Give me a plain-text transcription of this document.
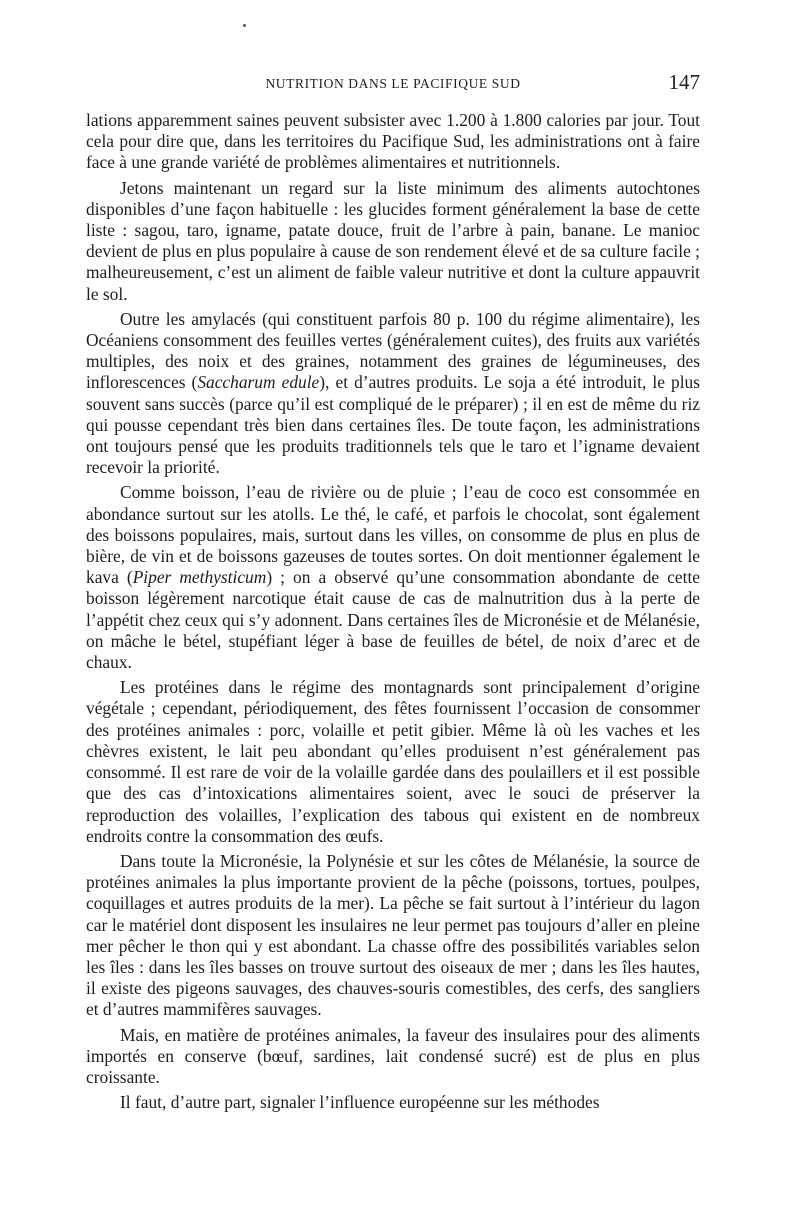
NUTRITION DANS LE PACIFIQUE SUD	147

lations apparemment saines peuvent subsister avec 1.200 à 1.800 calories par jour. Tout cela pour dire que, dans les territoires du Pacifique Sud, les administrations ont à faire face à une grande variété de problèmes alimentaires et nutritionnels.

Jetons maintenant un regard sur la liste minimum des aliments autochtones disponibles d’une façon habituelle : les glucides forment généralement la base de cette liste : sagou, taro, igname, patate douce, fruit de l’arbre à pain, banane. Le manioc devient de plus en plus populaire à cause de son rendement élevé et de sa culture facile ; malheureusement, c’est un aliment de faible valeur nutritive et dont la culture appauvrit le sol.

Outre les amylacés (qui constituent parfois 80 p. 100 du régime alimentaire), les Océaniens consomment des feuilles vertes (généralement cuites), des fruits aux variétés multiples, des noix et des graines, notamment des graines de légumineuses, des inflorescences (Saccharum edule), et d’autres produits. Le soja a été introduit, le plus souvent sans succès (parce qu’il est compliqué de le préparer) ; il en est de même du riz qui pousse cependant très bien dans certaines îles. De toute façon, les administrations ont toujours pensé que les produits traditionnels tels que le taro et l’igname devaient recevoir la priorité.

Comme boisson, l’eau de rivière ou de pluie ; l’eau de coco est consommée en abondance surtout sur les atolls. Le thé, le café, et parfois le chocolat, sont également des boissons populaires, mais, surtout dans les villes, on consomme de plus en plus de bière, de vin et de boissons gazeuses de toutes sortes. On doit mentionner également le kava (Piper methysticum) ; on a observé qu’une consommation abondante de cette boisson légèrement narcotique était cause de cas de malnutrition dus à la perte de l’appétit chez ceux qui s’y adonnent. Dans certaines îles de Micronésie et de Mélanésie, on mâche le bétel, stupéfiant léger à base de feuilles de bétel, de noix d’arec et de chaux.

Les protéines dans le régime des montagnards sont principalement d’origine végétale ; cependant, périodiquement, des fêtes fournissent l’occasion de consommer des protéines animales : porc, volaille et petit gibier. Même là où les vaches et les chèvres existent, le lait peu abondant qu’elles produisent n’est généralement pas consommé. Il est rare de voir de la volaille gardée dans des poulaillers et il est possible que des cas d’intoxications alimentaires soient, avec le souci de préserver la reproduction des volailles, l’explication des tabous qui existent en de nombreux endroits contre la consommation des œufs.

Dans toute la Micronésie, la Polynésie et sur les côtes de Mélanésie, la source de protéines animales la plus importante provient de la pêche (poissons, tortues, poulpes, coquillages et autres produits de la mer). La pêche se fait surtout à l’intérieur du lagon car le matériel dont disposent les insulaires ne leur permet pas toujours d’aller en pleine mer pêcher le thon qui y est abondant. La chasse offre des possibilités variables selon les îles : dans les îles basses on trouve surtout des oiseaux de mer ; dans les îles hautes, il existe des pigeons sauvages, des chauves-souris comestibles, des cerfs, des sangliers et d’autres mammifères sauvages.

Mais, en matière de protéines animales, la faveur des insulaires pour des aliments importés en conserve (bœuf, sardines, lait condensé sucré) est de plus en plus croissante.

Il faut, d’autre part, signaler l’influence européenne sur les méthodes
